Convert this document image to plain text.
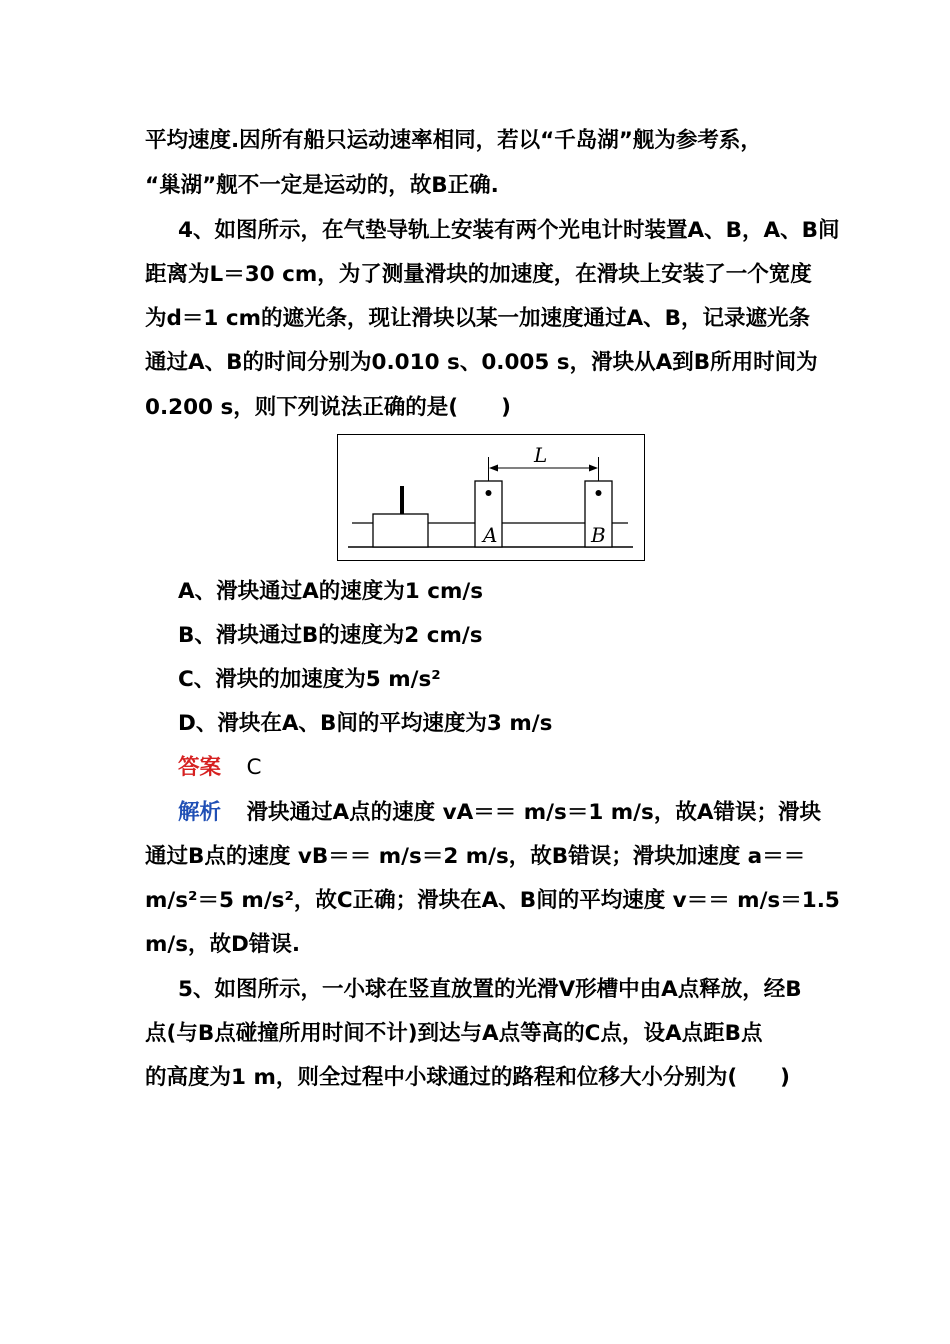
平均速度.因所有船只运动速率相同，若以“千岛湖”舰为参考系，
“巢湖”舰不一定是运动的，故B正确.
4、如图所示，在气垫导轨上安装有两个光电计时装置A、B，A、B间
距离为L＝30 cm，为了测量滑块的加速度，在滑块上安装了一个宽度
为d＝1 cm的遮光条，现让滑块以某一加速度通过A、B，记录遮光条
通过A、B的时间分别为0.010 s、0.005 s，滑块从A到B所用时间为
0.200 s，则下列说法正确的是(　　)
A	B
L
A、滑块通过A的速度为1 cm/s
B、滑块通过B的速度为2 cm/s
C、滑块的加速度为5 m/s²
D、滑块在A、B间的平均速度为3 m/s
答案 C
解析 滑块通过A点的速度 vA＝＝ m/s＝1 m/s，故A错误；滑块
通过B点的速度 vB＝＝ m/s＝2 m/s，故B错误；滑块加速度 a＝＝
m/s²＝5 m/s²，故C正确；滑块在A、B间的平均速度 v＝＝ m/s＝1.5
m/s，故D错误.
5、如图所示，一小球在竖直放置的光滑V形槽中由A点释放，经B
点(与B点碰撞所用时间不计)到达与A点等高的C点，设A点距B点
的高度为1 m，则全过程中小球通过的路程和位移大小分别为(　　)
